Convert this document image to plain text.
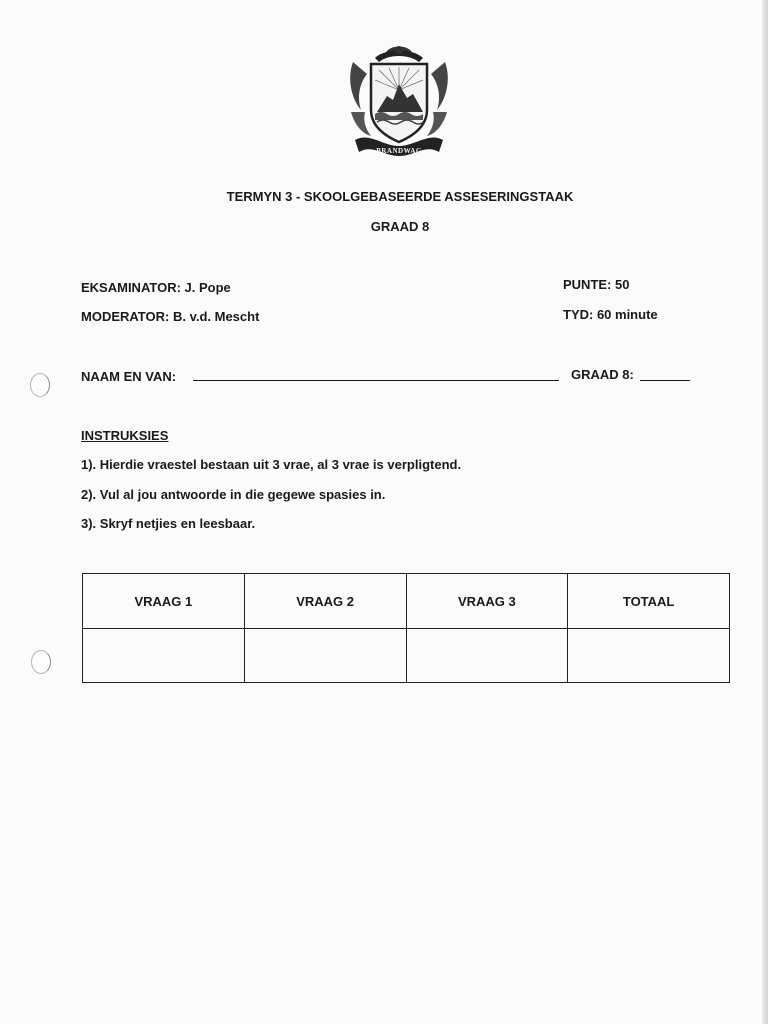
BRANDWAG
TERMYN 3 - SKOOLGEBASEERDE ASSESERINGSTAAK
GRAAD 8
EKSAMINATOR: J. Pope
MODERATOR: B. v.d. Mescht
PUNTE: 50
TYD: 60 minute
NAAM EN VAN:	GRAAD 8:
INSTRUKSIES
1). Hierdie vraestel bestaan uit 3 vrae, al 3 vrae is verpligtend.
2). Vul al jou antwoorde in die gegewe spasies in.
3). Skryf netjies en leesbaar.
VRAAG 1	VRAAG 2	VRAAG 3	TOTAAL
